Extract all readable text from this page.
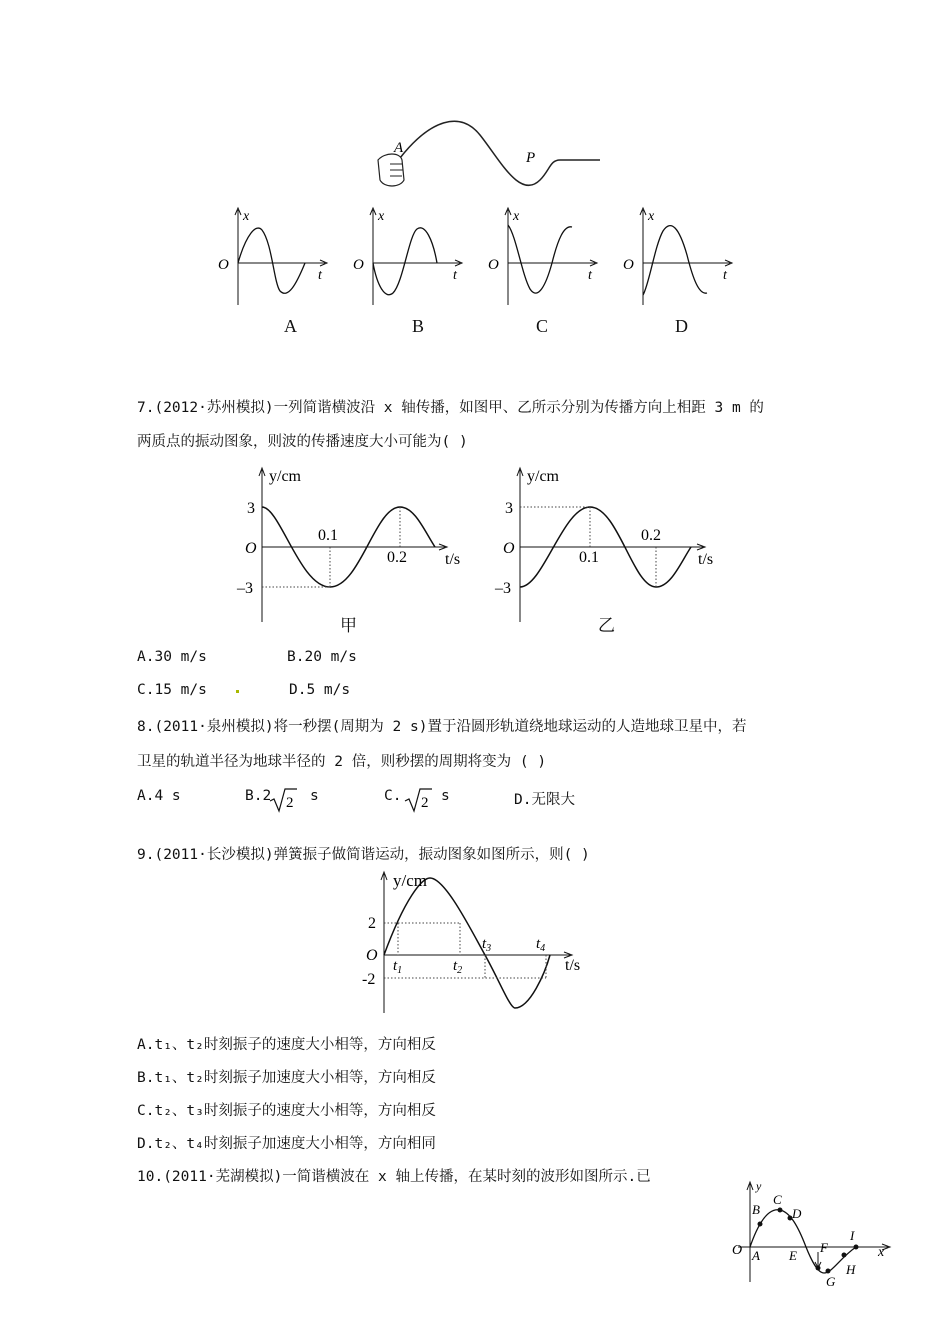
A
P
x
O
t
x
O
t
x
O
t
x
O
t
A	B	C	D
7.(2012·苏州模拟)一列简谐横波沿 x 轴传播，如图甲、乙所示分别为传播方向上相距 3 m 的
两质点的振动图象，则波的传播速度大小可能为( )
y/cm
3
O
–3
0.1
0.2 t/s
甲
y/cm
3
O
–3
0.1
0.2
t/s
乙
A.30 m/s	B.20 m/s
C.15 m/s	D.5 m/s
8.(2011·泉州模拟)将一秒摆(周期为 2 s)置于沿圆形轨道绕地球运动的人造地球卫星中，若
卫星的轨道半径为地球半径的 2 倍，则秒摆的周期将变为 ( )
A.4 s	B.2 2 s	C. 2 s	D.无限大
9.(2011·长沙模拟)弹簧振子做简谐运动，振动图象如图所示，则( )
y/cm
2
O
-2
t/s
$t_1$	$t_2$
$t_3$	$t_4$
A.t₁、t₂时刻振子的速度大小相等，方向相反
B.t₁、t₂时刻振子加速度大小相等，方向相反
C.t₂、t₃时刻振子的速度大小相等，方向相反
D.t₂、t₄时刻振子加速度大小相等，方向相同
10.(2011·芜湖模拟)一简谐横波在 x 轴上传播，在某时刻的波形如图所示.已
y
x
O A
B
C
D
E
F
G
H
I
